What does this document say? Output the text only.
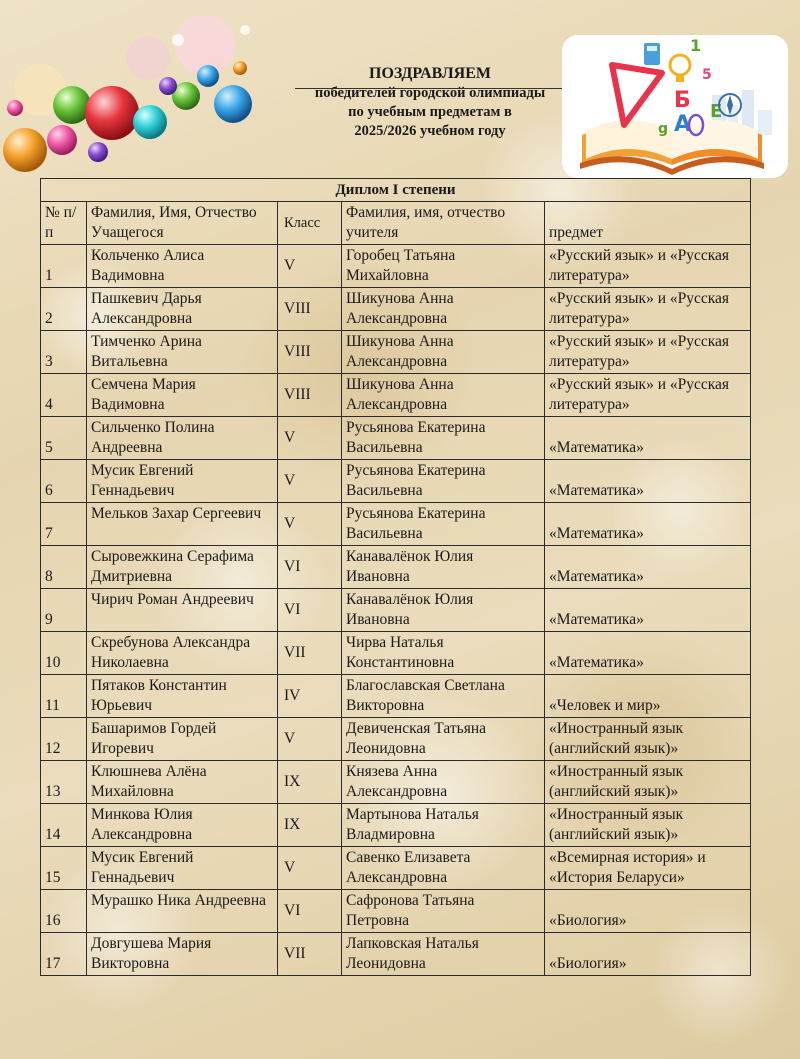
ПОЗДРАВЛЯЕМ
победителей городской олимпиады
по учебным предметам в
2025/2026 учебном году
1
5
Б
А
g
Е
Диплом I степени				
№ п/п	Фамилия, Имя, Отчество Учащегося	Класс	Фамилия, имя, отчество учителя	предмет
1	Кольченко Алиса Вадимовна	V	Горобец Татьяна Михайловна	«Русский язык» и «Русская литература»
2	Пашкевич Дарья Александровна	VIII	Шикунова Анна Александровна	«Русский язык» и «Русская литература»
3	Тимченко Арина Витальевна	VIII	Шикунова Анна Александровна	«Русский язык» и «Русская литература»
4	Семчена Мария Вадимовна	VIII	Шикунова Анна Александровна	«Русский язык» и «Русская литература»
5	Сильченко Полина Андреевна	V	Русьянова Екатерина Васильевна	«Математика»
6	Мусик Евгений Геннадьевич	V	Русьянова Екатерина Васильевна	«Математика»
7	Мельков Захар Сергеевич	V	Русьянова Екатерина Васильевна	«Математика»
8	Сыровежкина Серафима Дмитриевна	VI	Канавалёнок Юлия Ивановна	«Математика»
9	Чирич Роман Андреевич	VI	Канавалёнок Юлия Ивановна	«Математика»
10	Скребунова Александра Николаевна	VII	Чирва Наталья Константиновна	«Математика»
11	Пятаков Константин Юрьевич	IV	Благославская Светлана Викторовна	«Человек и мир»
12	Башаримов Гордей Игоревич	V	Девиченская Татьяна Леонидовна	«Иностранный язык (английский язык)»
13	Клюшнева Алёна Михайловна	IX	Князева Анна Александровна	«Иностранный язык (английский язык)»
14	Минкова Юлия Александровна	IX	Мартынова Наталья Владмировна	«Иностранный язык (английский язык)»
15	Мусик Евгений Геннадьевич	V	Савенко Елизавета Александровна	«Всемирная история» и «История Беларуси»
16	Мурашко Ника Андреевна	VI	Сафронова Татьяна Петровна	«Биология»
17	Довгушева Мария Викторовна	VII	Лапковская Наталья Леонидовна	«Биология»
